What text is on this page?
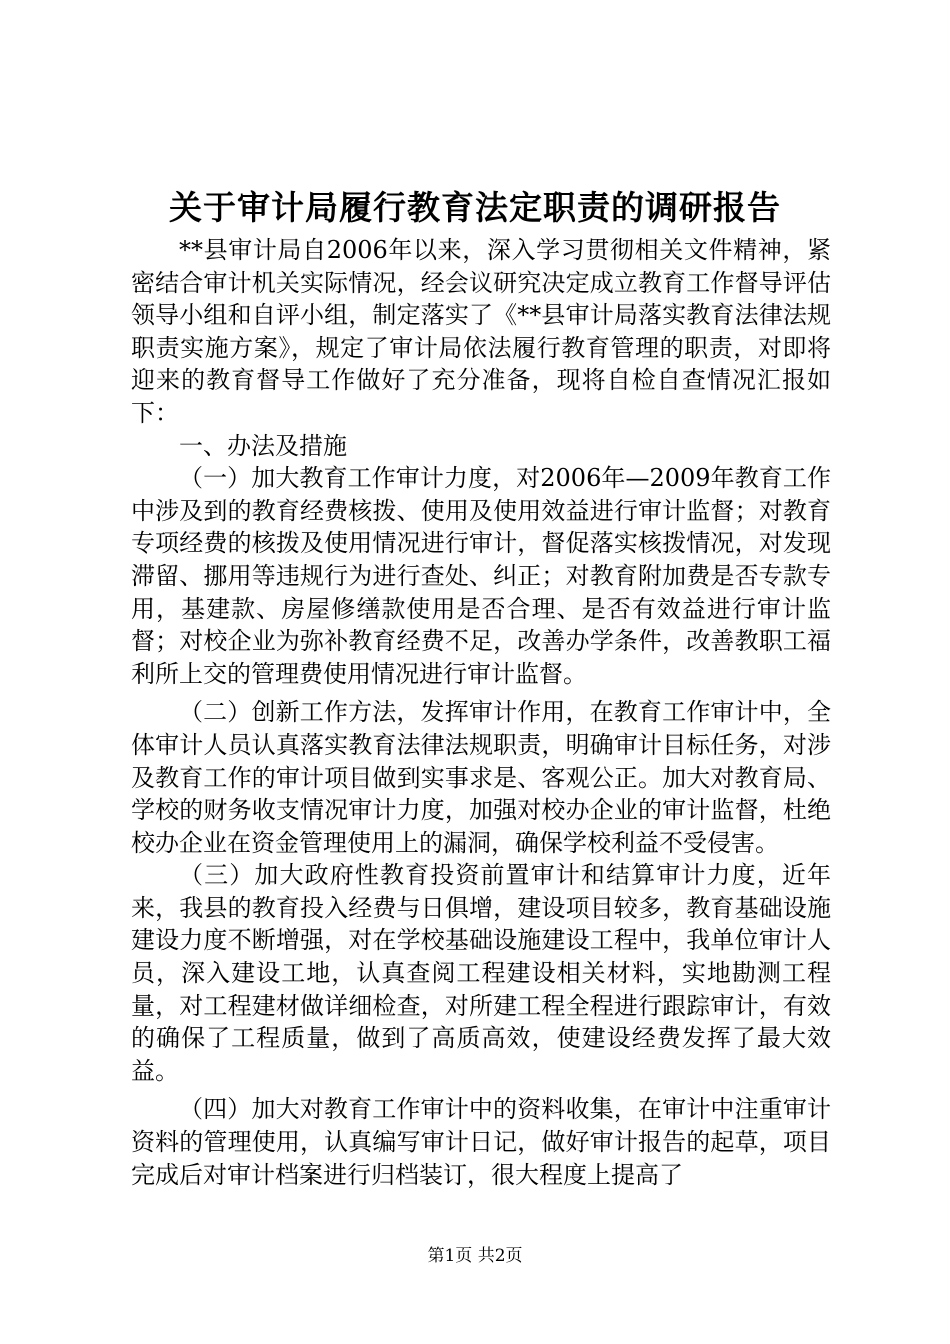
关于审计局履行教育法定职责的调研报告

**县审计局自2006年以来，深入学习贯彻相关文件精神，紧密结合审计机关实际情况，经会议研究决定成立教育工作督导评估领导小组和自评小组，制定落实了《**县审计局落实教育法律法规职责实施方案》，规定了审计局依法履行教育管理的职责，对即将迎来的教育督导工作做好了充分准备，现将自检自查情况汇报如下：

一、办法及措施

（一）加大教育工作审计力度，对2006年—2009年教育工作中涉及到的教育经费核拨、使用及使用效益进行审计监督；对教育专项经费的核拨及使用情况进行审计，督促落实核拨情况，对发现滞留、挪用等违规行为进行查处、纠正；对教育附加费是否专款专用，基建款、房屋修缮款使用是否合理、是否有效益进行审计监督；对校企业为弥补教育经费不足，改善办学条件，改善教职工福利所上交的管理费使用情况进行审计监督。

（二）创新工作方法，发挥审计作用，在教育工作审计中，全体审计人员认真落实教育法律法规职责，明确审计目标任务，对涉及教育工作的审计项目做到实事求是、客观公正。加大对教育局、学校的财务收支情况审计力度，加强对校办企业的审计监督，杜绝校办企业在资金管理使用上的漏洞，确保学校利益不受侵害。

（三）加大政府性教育投资前置审计和结算审计力度，近年来，我县的教育投入经费与日俱增，建设项目较多，教育基础设施建设力度不断增强，对在学校基础设施建设工程中，我单位审计人员，深入建设工地，认真查阅工程建设相关材料，实地勘测工程量，对工程建材做详细检查，对所建工程全程进行跟踪审计，有效的确保了工程质量，做到了高质高效，使建设经费发挥了最大效益。

（四）加大对教育工作审计中的资料收集，在审计中注重审计资料的管理使用，认真编写审计日记，做好审计报告的起草，项目完成后对审计档案进行归档装订，很大程度上提高了

第1页 共2页
